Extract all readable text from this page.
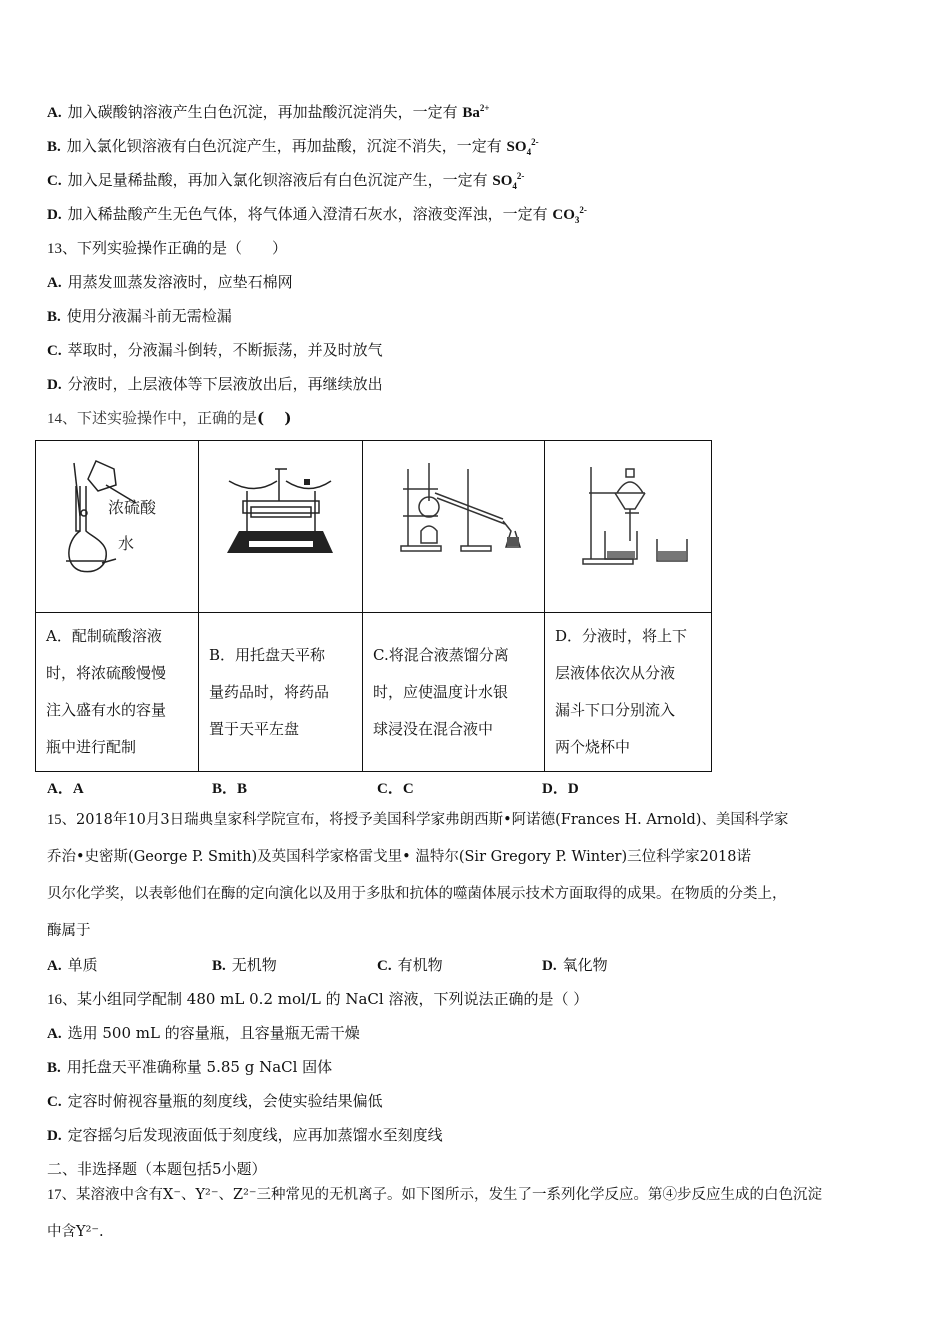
A. 加入碳酸钠溶液产生白色沉淀，再加盐酸沉淀消失，一定有 $Ba^{2+}$
B. 加入氯化钡溶液有白色沉淀产生，再加盐酸，沉淀不消失，一定有 $SO_4^{2-}$
C. 加入足量稀盐酸，再加入氯化钡溶液后有白色沉淀产生，一定有 $SO_4^{2-}$
D. 加入稀盐酸产生无色气体，将气体通入澄清石灰水，溶液变浑浊，一定有 $CO_3^{2-}$
13、下列实验操作正确的是（　　）
A. 用蒸发皿蒸发溶液时，应垫石棉网
B. 使用分液漏斗前无需检漏
C. 萃取时，分液漏斗倒转，不断振荡，并及时放气
D. 分液时，上层液体等下层液放出后，再继续放出
14、下述实验操作中，正确的是(　 )
浓硫酸
水
A．配制硫酸溶液
时，将浓硫酸慢慢
注入盛有水的容量
瓶中进行配制
B．用托盘天平称
量药品时，将药品
置于天平左盘
C.将混合液蒸馏分离
时，应使温度计水银
球浸没在混合液中
D．分液时，将上下
层液体依次从分液
漏斗下口分别流入
两个烧杯中
A．A	B．B	C．C	D．D
15、2018年10月3日瑞典皇家科学院宣布，将授予美国科学家弗朗西斯•阿诺德(Frances H. Arnold)、美国科学家
乔治•史密斯(George P. Smith)及英国科学家格雷戈里• 温特尔(Sir Gregory P. Winter)三位科学家2018诺
贝尔化学奖，以表彰他们在酶的定向演化以及用于多肽和抗体的噬菌体展示技术方面取得的成果。在物质的分类上，
酶属于
A. 单质	B. 无机物	C. 有机物	D. 氧化物
16、某小组同学配制 480 mL 0.2 mol/L 的 NaCl 溶液，下列说法正确的是（ ）
A. 选用 500 mL 的容量瓶，且容量瓶无需干燥
B. 用托盘天平准确称量 5.85 g NaCl 固体
C. 定容时俯视容量瓶的刻度线，会使实验结果偏低
D. 定容摇匀后发现液面低于刻度线，应再加蒸馏水至刻度线
二、非选择题（本题包括5小题）
17、某溶液中含有X⁻、Y²⁻、Z²⁻三种常见的无机离子。如下图所示，发生了一系列化学反应。第④步反应生成的白色沉淀
中含Y²⁻.
